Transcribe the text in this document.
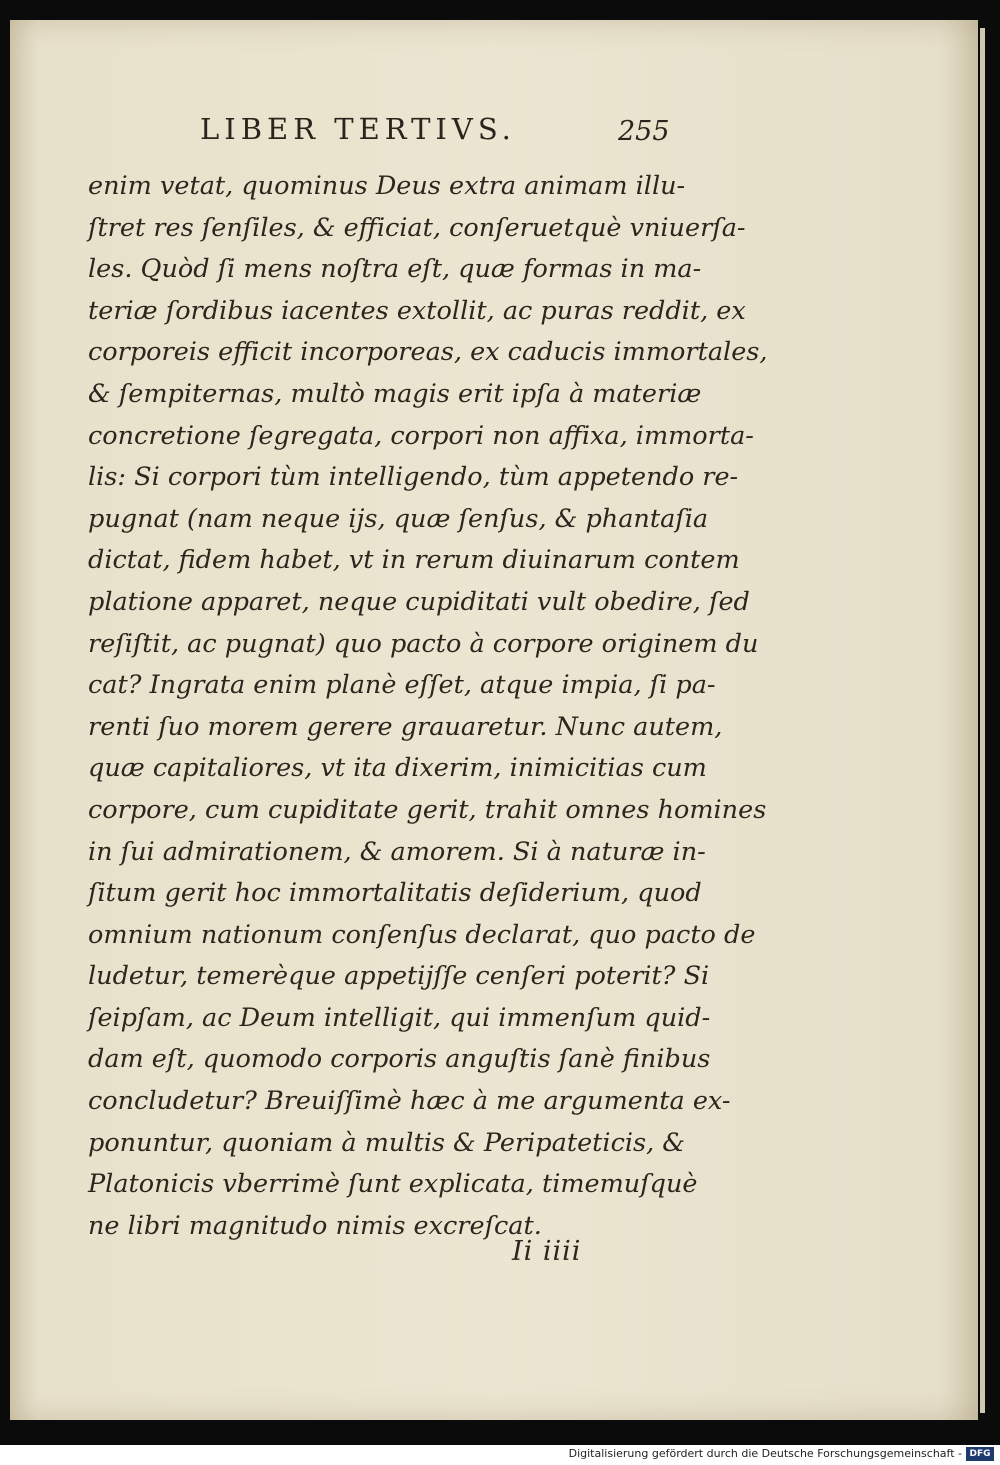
LIBER TERTIVS.	255
enim vetat, quominus Deus extra animam illu-
ſtret res ſenſiles, & efficiat, conſeruetquè vniuerſa-
les. Quòd ſi mens noſtra eſt, quæ formas in ma-
teriæ ſordibus iacentes extollit, ac puras reddit, ex
corporeis efficit incorporeas, ex caducis immortales,
& ſempiternas, multò magis erit ipſa à materiæ
concretione ſegregata, corpori non affixa, immorta-
lis: Si corpori tùm intelligendo, tùm appetendo re-
pugnat (nam neque ijs, quæ ſenſus, & phantaſia
dictat, fidem habet, vt in rerum diuinarum contem
platione apparet, neque cupiditati vult obedire, ſed
reſiſtit, ac pugnat) quo pacto à corpore originem du
cat? Ingrata enim planè eſſet, atque impia, ſi pa-
renti ſuo morem gerere grauaretur. Nunc autem,
quæ capitaliores, vt ita dixerim, inimicitias cum
corpore, cum cupiditate gerit, trahit omnes homines
in ſui admirationem, & amorem. Si à naturæ in-
ſitum gerit hoc immortalitatis deſiderium, quod
omnium nationum conſenſus declarat, quo pacto de
ludetur, temerèque appetijſſe cenſeri poterit? Si
ſeipſam, ac Deum intelligit, qui immenſum quid-
dam eſt, quomodo corporis anguſtis ſanè finibus
concludetur? Breuiſſimè hæc à me argumenta ex-
ponuntur, quoniam à multis & Peripateticis, &
Platonicis vberrimè ſunt explicata, timemuſquè
ne libri magnitudo nimis excreſcat.
Ii iiii
Digitalisierung gefördert durch die Deutsche Forschungsgemeinschaft - DFG
